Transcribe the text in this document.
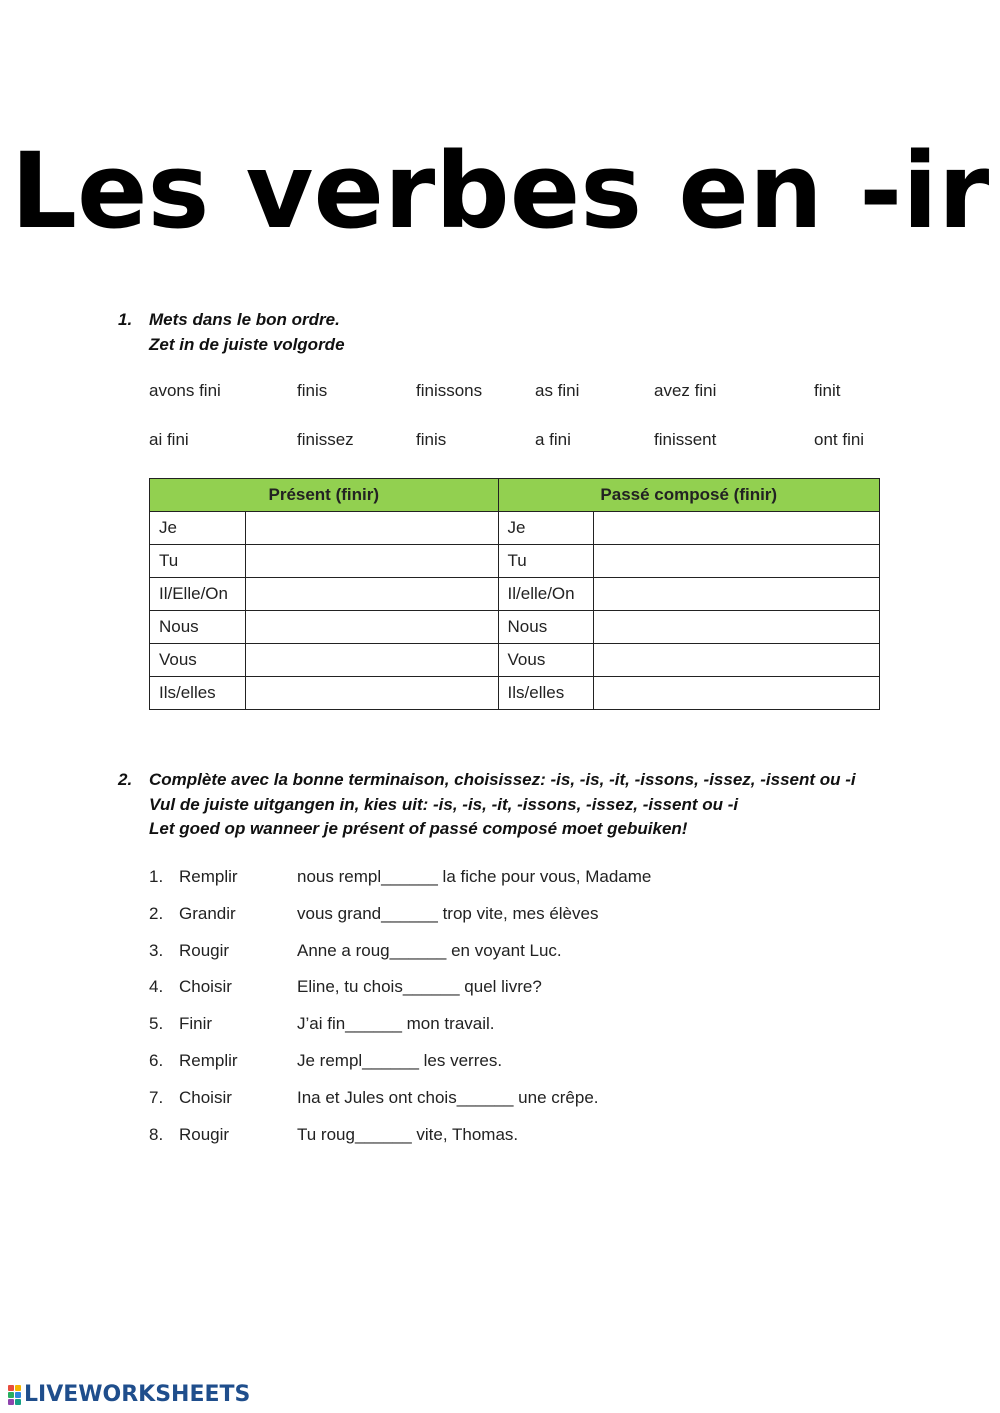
Les verbes en -ir
1. Mets dans le bon ordre.
Zet in de juiste volgorde
avons fini	finis	finissons	as fini	avez fini	finit
ai fini	finissez	finis	a fini	finissent	ont fini
Présent (finir)		Passé composé (finir)	
Je		Je	
Tu		Tu	
Il/Elle/On		Il/elle/On	
Nous		Nous	
Vous		Vous	
Ils/elles		Ils/elles	
2. Complète avec la bonne terminaison, choisissez: -is, -is, -it, -issons, -issez, -issent ou -i
Vul de juiste uitgangen in, kies uit: -is, -is, -it, -issons, -issez, -issent ou -i
Let goed op wanneer je présent of passé composé moet gebuiken!
1. Remplir	nous rempl______ la fiche pour vous, Madame
2. Grandir	vous grand______ trop vite, mes élèves
3. Rougir	Anne a roug______ en voyant Luc.
4. Choisir	Eline, tu chois______ quel livre?
5. Finir	J’ai fin______ mon travail.
6. Remplir	Je rempl______ les verres.
7. Choisir	Ina et Jules ont chois______ une crêpe.
8. Rougir	Tu roug______ vite, Thomas.
LIVEWORKSHEETS
